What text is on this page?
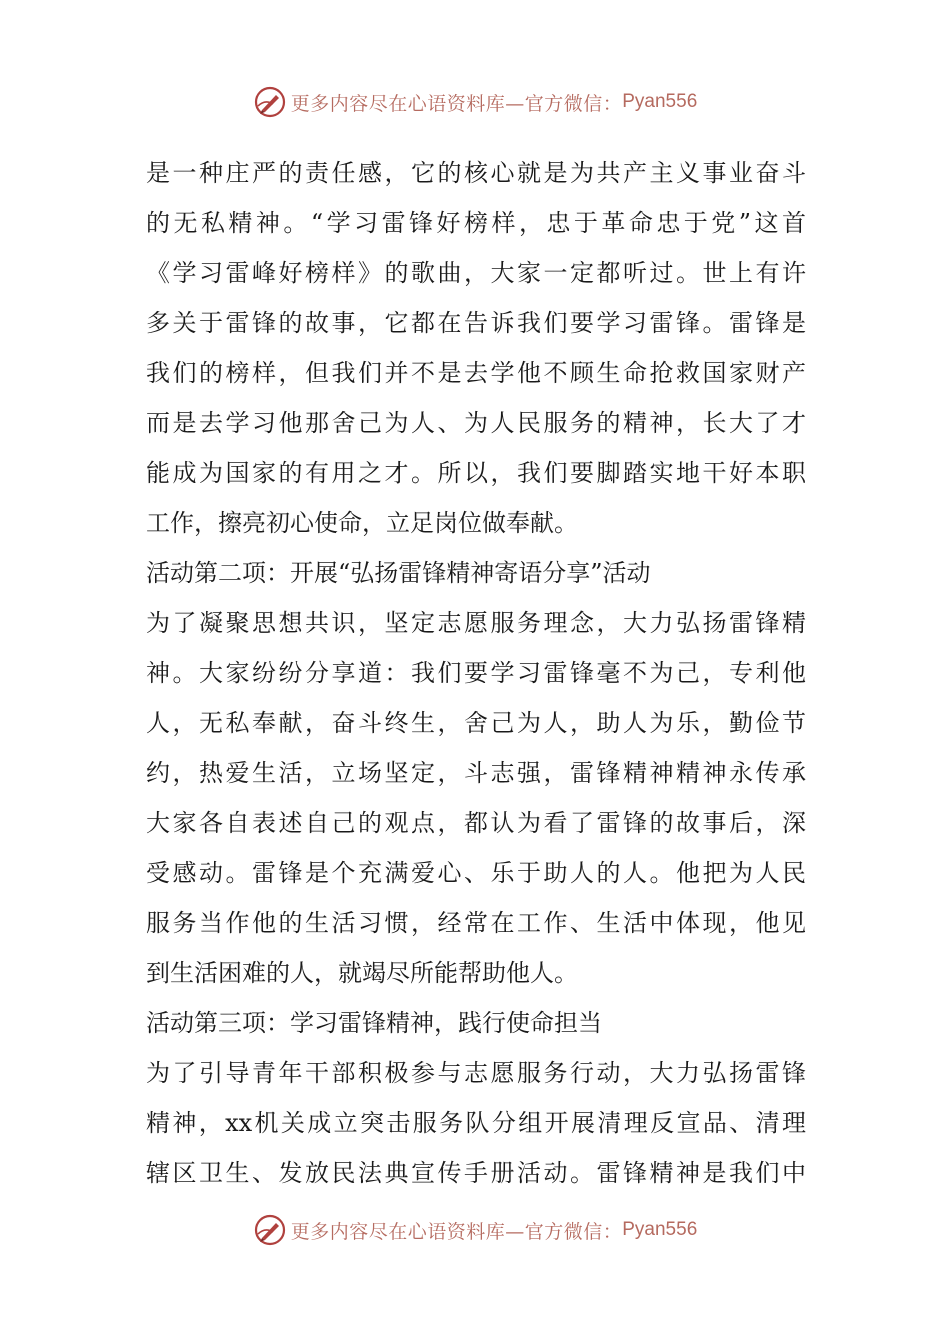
更多内容尽在心语资料库—官方微信： Pyan556
是一种庄严的责任感，它的核心就是为共产主义事业奋斗
的无私精神。“学习雷锋好榜样，忠于革命忠于党”这首
《学习雷峰好榜样》的歌曲，大家一定都听过。世上有许
多关于雷锋的故事，它都在告诉我们要学习雷锋。雷锋是
我们的榜样，但我们并不是去学他不顾生命抢救国家财产
而是去学习他那舍己为人、为人民服务的精神，长大了才
能成为国家的有用之才。所以，我们要脚踏实地干好本职
工作，擦亮初心使命，立足岗位做奉献。
活动第二项：开展“弘扬雷锋精神寄语分享”活动
为了凝聚思想共识，坚定志愿服务理念，大力弘扬雷锋精
神。大家纷纷分享道：我们要学习雷锋毫不为己，专利他
人，无私奉献，奋斗终生，舍己为人，助人为乐，勤俭节
约，热爱生活，立场坚定，斗志强，雷锋精神精神永传承
大家各自表述自己的观点，都认为看了雷锋的故事后，深
受感动。雷锋是个充满爱心、乐于助人的人。他把为人民
服务当作他的生活习惯，经常在工作、生活中体现，他见
到生活困难的人，就竭尽所能帮助他人。
活动第三项：学习雷锋精神，践行使命担当
为了引导青年干部积极参与志愿服务行动，大力弘扬雷锋
精神，xx机关成立突击服务队分组开展清理反宣品、清理
辖区卫生、发放民法典宣传手册活动。雷锋精神是我们中
更多内容尽在心语资料库—官方微信： Pyan556
